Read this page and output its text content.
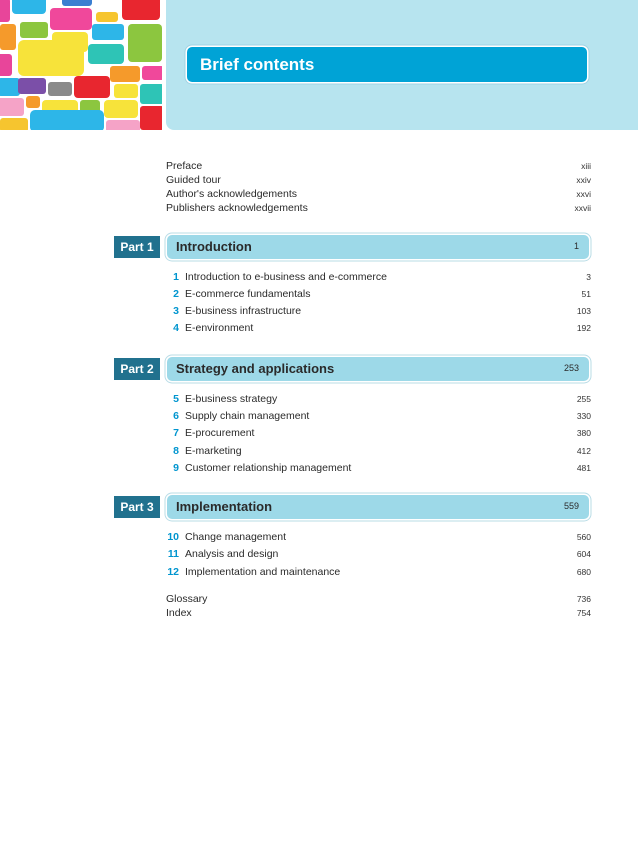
Brief contents
Preface	xiii
Guided tour	xxiv
Author's acknowledgements	xxvi
Publishers acknowledgements	xxvii
Part 1	Introduction	1
1 Introduction to e-business and e-commerce	3
2 E-commerce fundamentals	51
3 E-business infrastructure	103
4 E-environment	192
Part 2	Strategy and applications	253
5 E-business strategy	255
6 Supply chain management	330
7 E-procurement	380
8 E-marketing	412
9 Customer relationship management	481
Part 3	Implementation	559
10 Change management	560
11 Analysis and design	604
12 Implementation and maintenance	680
Glossary	736
Index	754
